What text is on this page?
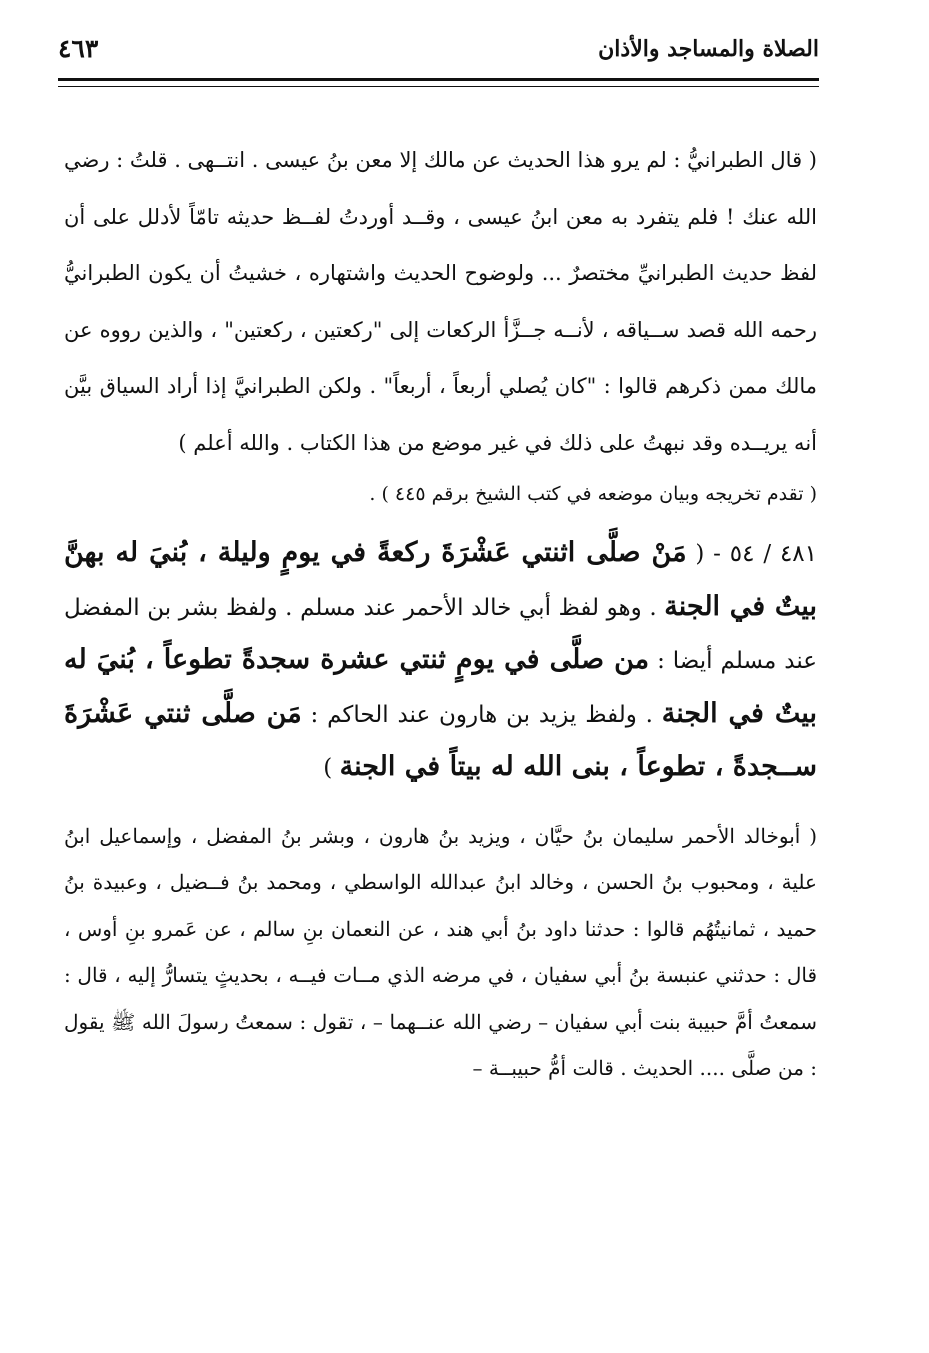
الصلاة والمساجد والأذان
٤٦٣

( قال الطبرانيُّ : لم يرو هذا الحديث عن مالك إلا معن بنُ عيسى . انتــهى . قلتُ : رضي الله عنك ! فلم يتفرد به معن ابنُ عيسى ، وقــد أوردتُ لفــظ حديثه تامّاً لأدلل على أن لفظ حديث الطبرانيِّ مختصرٌ ... ولوضوح الحديث واشتهاره ، خشيتُ أن يكون الطبرانيُّ رحمه الله قصد ســياقه ، لأنــه جــزَّأ الركعات إلى "ركعتين ، ركعتين" ، والذين رووه عن مالك ممن ذكرهم قالوا : "كان يُصلي أربعاً ، أربعاً" . ولكن الطبرانيَّ إذا أراد السياق بيَّن أنه يريــده وقد نبهتُ على ذلك في غير موضع من هذا الكتاب . والله أعلم )

( تقدم تخريجه وبيان موضعه في كتب الشيخ برقم ٤٤٥ ) .

٤٨١ / ٥٤ - ( مَنْ صلَّى اثنتي عَشْرَةَ ركعةً في يومٍ وليلة ، بُنيَ له بهنَّ بيتٌ في الجنة . وهو لفظ أبي خالد الأحمر عند مسلم . ولفظ بشر بن المفضل عند مسلم أيضا : من صلَّى في يومٍ ثنتي عشرة سجدةً تطوعاً ، بُنيَ له بيتٌ في الجنة . ولفظ يزيد بن هارون عند الحاكم : مَن صلَّى ثنتي عَشْرَةَ ســجدةً ، تطوعاً ، بنى الله له بيتاً في الجنة )

( أبوخالد الأحمر سليمان بنُ حيَّان ، ويزيد بنُ هارون ، وبشر بنُ المفضل ، وإسماعيل ابنُ علية ، ومحبوب بنُ الحسن ، وخالد ابنُ عبدالله الواسطي ، ومحمد بنُ فــضيل ، وعبيدة بنُ حميد ، ثمانيتُهُم قالوا : حدثنا داود بنُ أبي هند ، عن النعمان بنِ سالم ، عن عَمرو بنِ أوس ، قال : حدثني عنبسة بنُ أبي سفيان ، في مرضه الذي مــات فيــه ، بحديثٍ يتسارُّ إليه ، قال : سمعتُ أمَّ حبيبة بنت أبي سفيان – رضي الله عنــهما – ، تقول : سمعتُ رسولَ الله ﷺ يقول : من صلَّى .... الحديث . قالت أمُّ حبيبــة –
